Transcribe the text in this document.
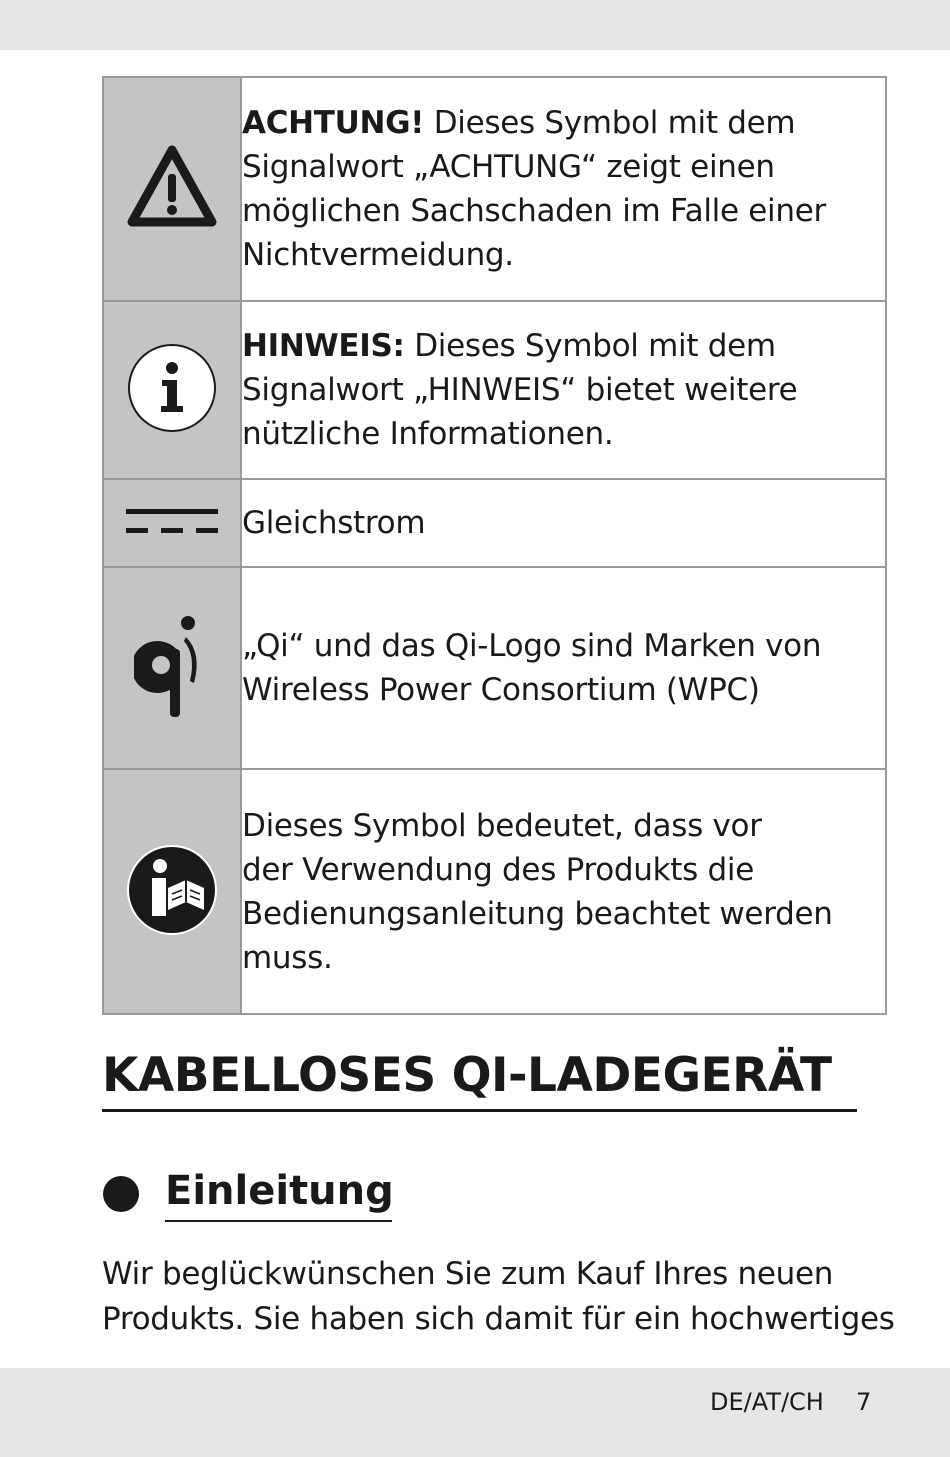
ACHTUNG! Dieses Symbol mit dem
Signalwort „ACHTUNG“ zeigt einen
möglichen Sachschaden im Falle einer
Nichtvermeidung.

HINWEIS: Dieses Symbol mit dem
Signalwort „HINWEIS“ bietet weitere
nützliche Informationen.

Gleichstrom

„Qi“ und das Qi-Logo sind Marken von
Wireless Power Consortium (WPC)

Dieses Symbol bedeutet, dass vor
der Verwendung des Produkts die
Bedienungsanleitung beachtet werden
muss.
KABELLOSES QI-LADEGERÄT
Einleitung

Wir beglückwünschen Sie zum Kauf Ihres neuen
Produkts. Sie haben sich damit für ein hochwertiges

DE/AT/CH 7
